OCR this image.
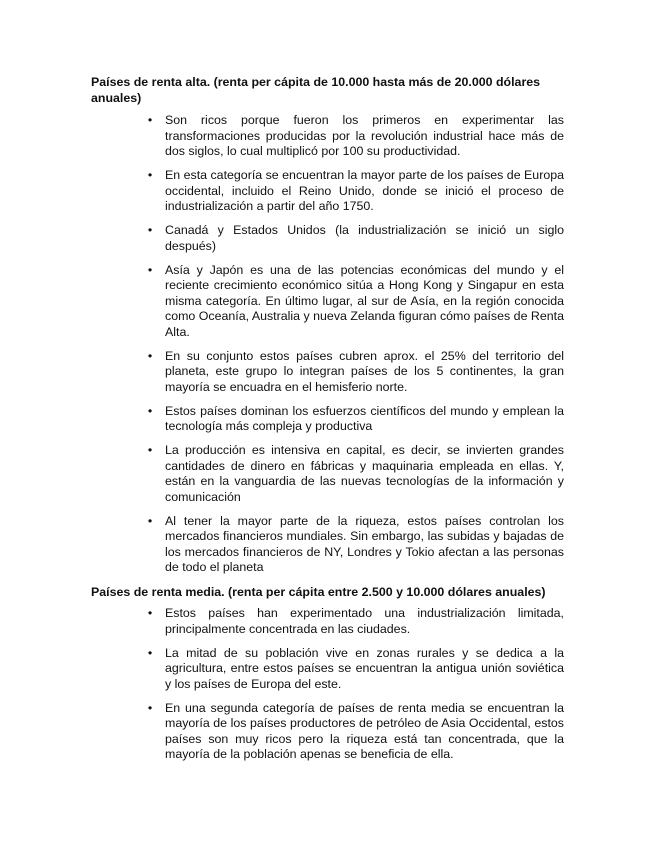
Países de renta alta. (renta per cápita de 10.000 hasta más de 20.000 dólares anuales)
• Son ricos porque fueron los primeros en experimentar las transformaciones producidas por la revolución industrial hace más de dos siglos, lo cual multiplicó por 100 su productividad.
• En esta categoría se encuentran la mayor parte de los países de Europa occidental, incluido el Reino Unido, donde se inició el proceso de industrialización a partir del año 1750.
• Canadá y Estados Unidos (la industrialización se inició un siglo después)
• Asía y Japón es una de las potencias económicas del mundo y el reciente crecimiento económico sitúa a Hong Kong y Singapur en esta misma categoría. En último lugar, al sur de Asía, en la región conocida como Oceanía, Australia y nueva Zelanda figuran cómo países de Renta Alta.
• En su conjunto estos países cubren aprox. el 25% del territorio del planeta, este grupo lo integran países de los 5 continentes, la gran mayoría se encuadra en el hemisferio norte.
• Estos países dominan los esfuerzos científicos del mundo y emplean la tecnología más compleja y productiva
• La producción es intensiva en capital, es decir, se invierten grandes cantidades de dinero en fábricas y maquinaria empleada en ellas. Y, están en la vanguardia de las nuevas tecnologías de la información y comunicación
• Al tener la mayor parte de la riqueza, estos países controlan los mercados financieros mundiales. Sin embargo, las subidas y bajadas de los mercados financieros de NY, Londres y Tokio afectan a las personas de todo el planeta
Países de renta media. (renta per cápita entre 2.500 y 10.000 dólares anuales)
• Estos países han experimentado una industrialización limitada, principalmente concentrada en las ciudades.
• La mitad de su población vive en zonas rurales y se dedica a la agricultura, entre estos países se encuentran la antigua unión soviética y los países de Europa del este.
• En una segunda categoría de países de renta media se encuentran la mayoría de los países productores de petróleo de Asia Occidental, estos países son muy ricos pero la riqueza está tan concentrada, que la mayoría de la población apenas se beneficia de ella.
